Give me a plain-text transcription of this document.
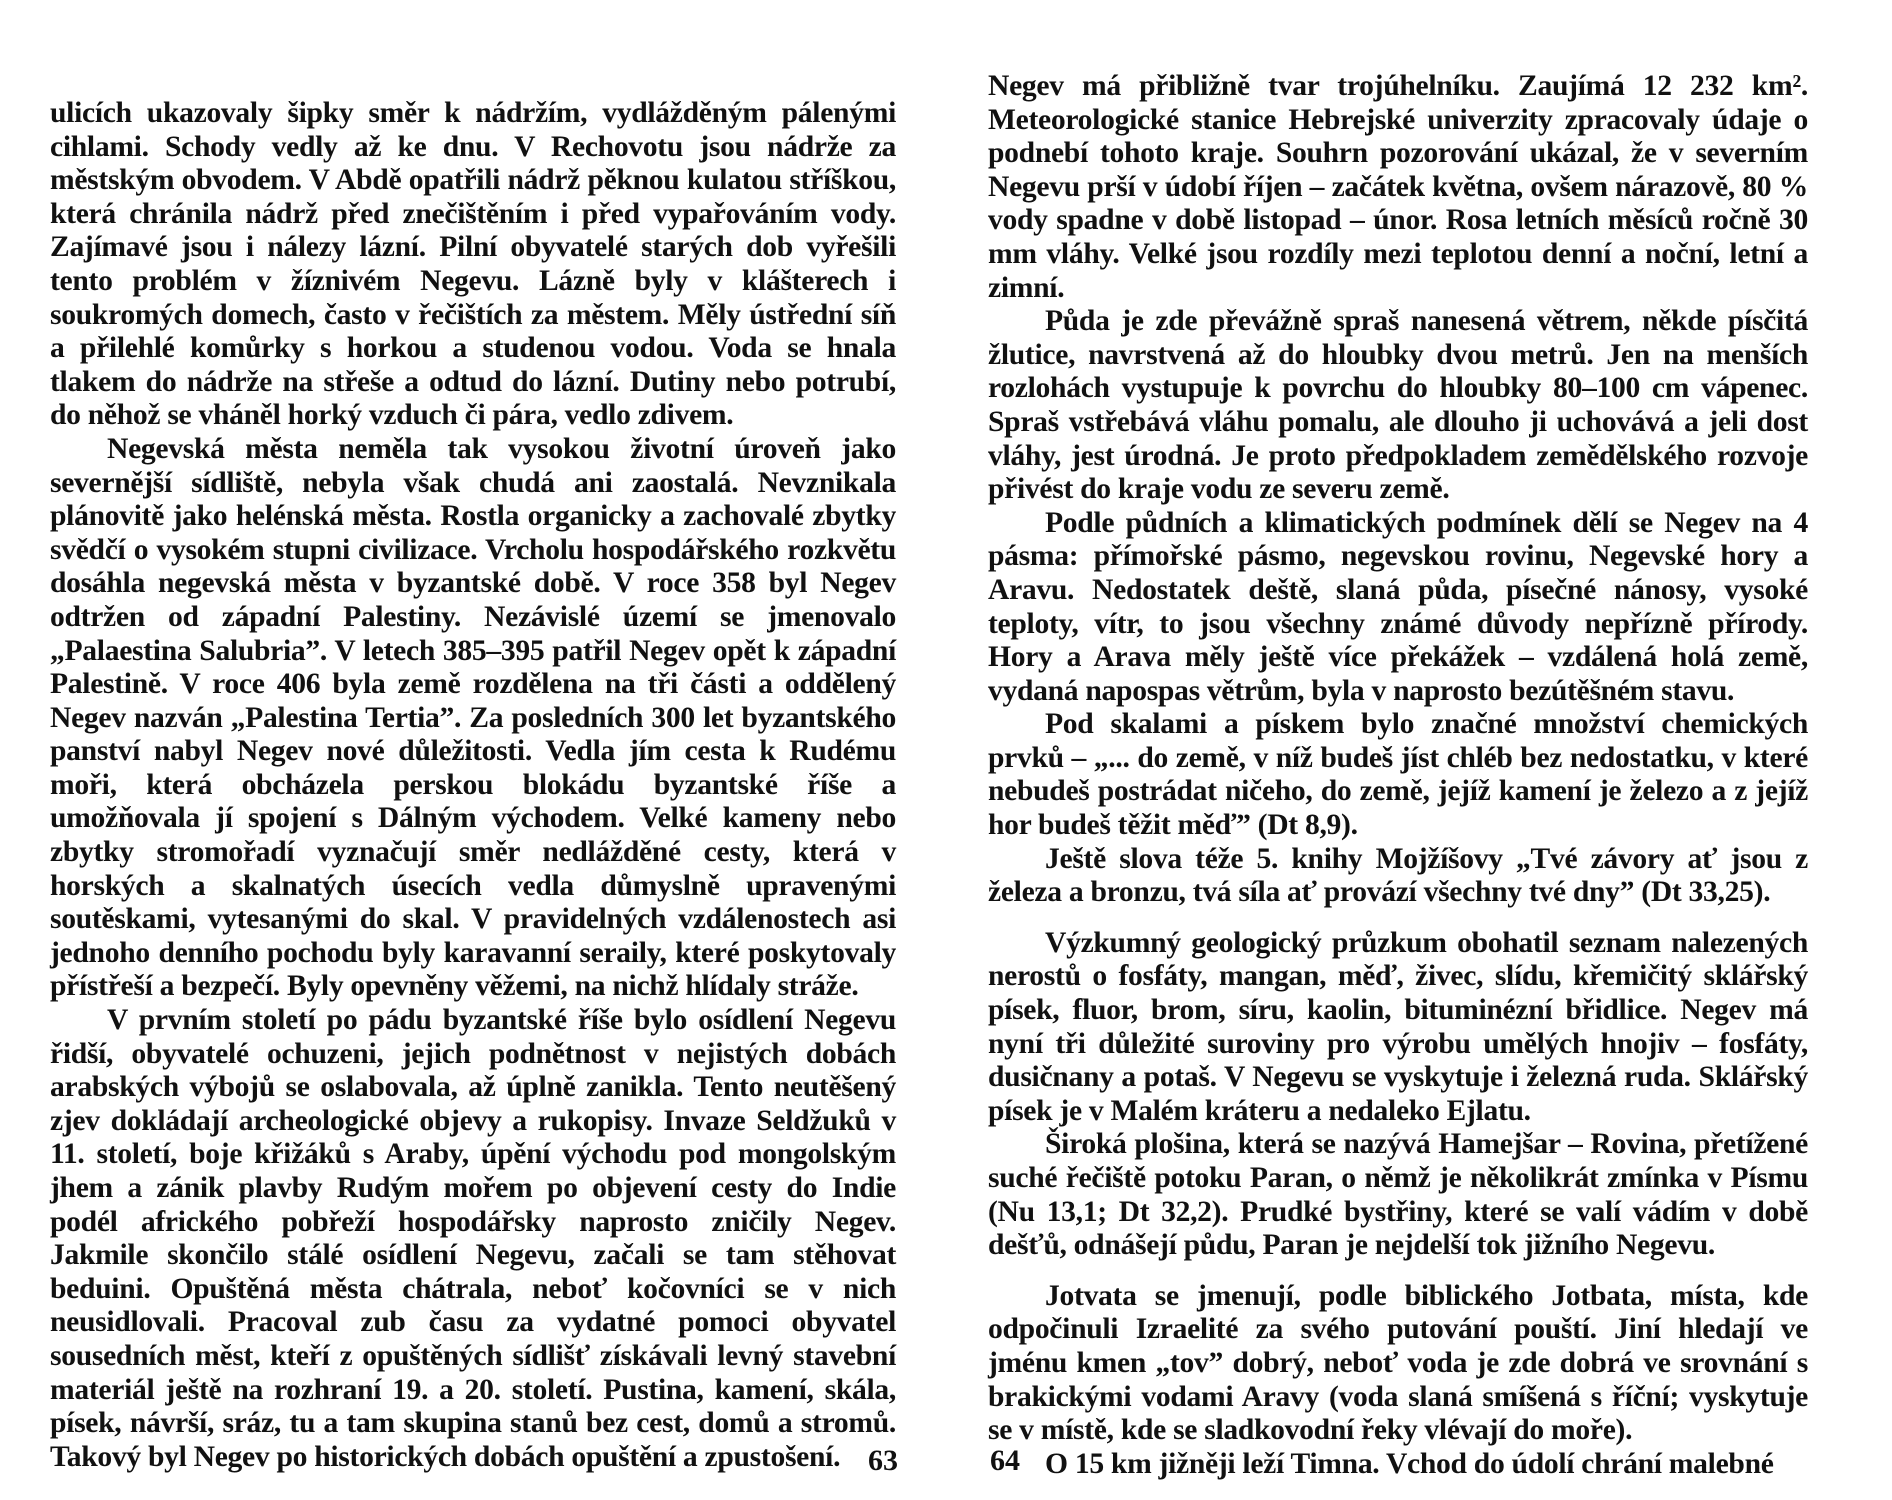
ulicích ukazovaly šipky směr k nádržím, vydlážděným pálenými cihlami. Schody vedly až ke dnu. V Rechovotu jsou nádrže za městským obvodem. V Abdě opatřili nádrž pěknou kulatou stříškou, která chránila nádrž před znečištěním i před vypařováním vody. Zajímavé jsou i nálezy lázní. Pilní obyvatelé starých dob vyřešili tento problém v žíznivém Negevu. Lázně byly v klášterech i soukromých domech, často v řečištích za městem. Měly ústřední síň a přilehlé komůrky s horkou a studenou vodou. Voda se hnala tlakem do nádrže na střeše a odtud do lázní. Dutiny nebo potrubí, do něhož se vháněl horký vzduch či pára, vedlo zdivem.

Negevská města neměla tak vysokou životní úroveň jako severnější sídliště, nebyla však chudá ani zaostalá. Nevznikala plánovitě jako helénská města. Rostla organicky a zachovalé zbytky svědčí o vysokém stupni civilizace. Vrcholu hospodářského rozkvětu dosáhla negevská města v byzantské době. V roce 358 byl Negev odtržen od západní Palestiny. Nezávislé území se jmenovalo „Palaestina Salubria”. V letech 385–395 patřil Negev opět k západní Palestině. V roce 406 byla země rozdělena na tři části a oddělený Negev nazván „Palestina Tertia”. Za posledních 300 let byzantského panství nabyl Negev nové důležitosti. Vedla jím cesta k Rudému moři, která obcházela perskou blokádu byzantské říše a umožňovala jí spojení s Dálným východem. Velké kameny nebo zbytky stromořadí vyznačují směr nedlážděné cesty, která v horských a skalnatých úsecích vedla důmyslně upravenými soutěskami, vytesanými do skal. V pravidelných vzdálenostech asi jednoho denního pochodu byly karavanní seraily, které poskytovaly přístřeší a bezpečí. Byly opevněny věžemi, na nichž hlídaly stráže.

V prvním století po pádu byzantské říše bylo osídlení Negevu řidší, obyvatelé ochuzeni, jejich podnětnost v nejistých dobách arabských výbojů se oslabovala, až úplně zanikla. Tento neutěšený zjev dokládají archeologické objevy a rukopisy. Invaze Seldžuků v 11. století, boje křižáků s Araby, úpění východu pod mongolským jhem a zánik plavby Rudým mořem po objevení cesty do Indie podél afrického pobřeží hospodářsky naprosto zničily Negev. Jakmile skončilo stálé osídlení Negevu, začali se tam stěhovat beduini. Opuštěná města chátrala, neboť kočovníci se v nich neusidlovali. Pracoval zub času za vydatné pomoci obyvatel sousedních měst, kteří z opuštěných sídlišť získávali levný stavební materiál ještě na rozhraní 19. a 20. století. Pustina, kamení, skála, písek, návrší, sráz, tu a tam skupina stanů bez cest, domů a stromů. Takový byl Negev po historických dobách opuštění a zpustošení. 63

Negev má přibližně tvar trojúhelníku. Zaujímá 12 232 km². Meteorologické stanice Hebrejské univerzity zpracovaly údaje o podnebí tohoto kraje. Souhrn pozorování ukázal, že v severním Negevu prší v údobí říjen – začátek května, ovšem nárazově, 80 % vody spadne v době listopad – únor. Rosa letních měsíců ročně 30 mm vláhy. Velké jsou rozdíly mezi teplotou denní a noční, letní a zimní.

Půda je zde převážně spraš nanesená větrem, někde písčitá žlutice, navrstvená až do hloubky dvou metrů. Jen na menších rozlohách vystupuje k povrchu do hloubky 80–100 cm vápenec. Spraš vstřebává vláhu pomalu, ale dlouho ji uchovává a jeli dost vláhy, jest úrodná. Je proto předpokladem zemědělského rozvoje přivést do kraje vodu ze severu země.

Podle půdních a klimatických podmínek dělí se Negev na 4 pásma: přímořské pásmo, negevskou rovinu, Negevské hory a Aravu. Nedostatek deště, slaná půda, písečné nánosy, vysoké teploty, vítr, to jsou všechny známé důvody nepřízně přírody. Hory a Arava měly ještě více překážek – vzdálená holá země, vydaná napospas větrům, byla v naprosto bezútěšném stavu.

Pod skalami a pískem bylo značné množství chemických prvků – „... do země, v níž budeš jíst chléb bez nedostatku, v které nebudeš postrádat ničeho, do země, jejíž kamení je železo a z jejíž hor budeš těžit měď” (Dt 8,9).

Ještě slova téže 5. knihy Mojžíšovy „Tvé závory ať jsou z železa a bronzu, tvá síla ať provází všechny tvé dny” (Dt 33,25).

Výzkumný geologický průzkum obohatil seznam nalezených nerostů o fosfáty, mangan, měď, živec, slídu, křemičitý sklářský písek, fluor, brom, síru, kaolin, bituminézní břidlice. Negev má nyní tři důležité suroviny pro výrobu umělých hnojiv – fosfáty, dusičnany a potaš. V Negevu se vyskytuje i železná ruda. Sklářský písek je v Malém kráteru a nedaleko Ejlatu.

Široká plošina, která se nazývá Hamejšar – Rovina, přetížené suché řečiště potoku Paran, o němž je několikrát zmínka v Písmu (Nu 13,1; Dt 32,2). Prudké bystřiny, které se valí vádím v době dešťů, odnášejí půdu, Paran je nejdelší tok jižního Negevu.

Jotvata se jmenují, podle biblického Jotbata, místa, kde odpočinuli Izraelité za svého putování pouští. Jiní hledají ve jménu kmen „tov” dobrý, neboť voda je zde dobrá ve srovnání s brakickými vodami Aravy (voda slaná smíšená s říční; vyskytuje se v místě, kde se sladkovodní řeky vlévají do moře).

O 15 km jižněji leží Timna. Vchod do údolí chrání malebné

64
